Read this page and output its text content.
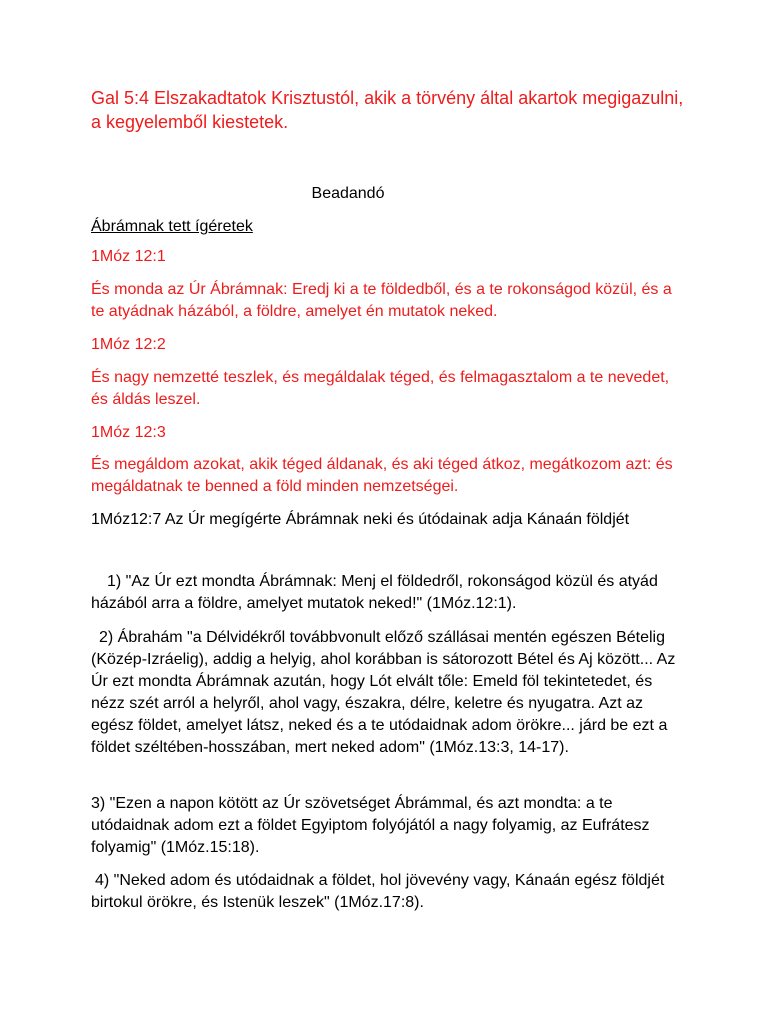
Gal 5:4 Elszakadtatok Krisztustól, akik a törvény által akartok megigazulni, a kegyelemből kiestetek.
Beadandó
Ábrámnak tett ígéretek
1Móz 12:1
És monda az Úr Ábrámnak: Eredj ki a te földedből, és a te rokonságod közül, és a te atyádnak házából, a földre, amelyet én mutatok neked.
1Móz 12:2
És nagy nemzetté teszlek, és megáldalak téged, és felmagasztalom a te nevedet, és áldás leszel.
1Móz 12:3
És megáldom azokat, akik téged áldanak, és aki téged átkoz, megátkozom azt: és megáldatnak te benned a föld minden nemzetségei.
1Móz12:7 Az Úr megígérte Ábrámnak neki és útódainak adja Kánaán földjét
1) "Az Úr ezt mondta Ábrámnak: Menj el földedről, rokonságod közül és atyád házából arra a földre, amelyet mutatok neked!" (1Móz.12:1).
2) Ábrahám "a Délvidékről továbbvonult előző szállásai mentén egészen Bételig (Közép-Izráelig), addig a helyig, ahol korábban is sátorozott Bétel és Aj között... Az Úr ezt mondta Ábrámnak azután, hogy Lót elvált tőle: Emeld föl tekintetedet, és nézz szét arról a helyről, ahol vagy, északra, délre, keletre és nyugatra. Azt az egész földet, amelyet látsz, neked és a te utódaidnak adom örökre... járd be ezt a földet széltében-hosszában, mert neked adom" (1Móz.13:3, 14-17).
3) "Ezen a napon kötött az Úr szövetséget Ábrámmal, és azt mondta: a te utódaidnak adom ezt a földet Egyiptom folyójától a nagy folyamig, az Eufrátesz folyamig" (1Móz.15:18).
4) "Neked adom és utódaidnak a földet, hol jövevény vagy, Kánaán egész földjét birtokul örökre, és Istenük leszek" (1Móz.17:8).
